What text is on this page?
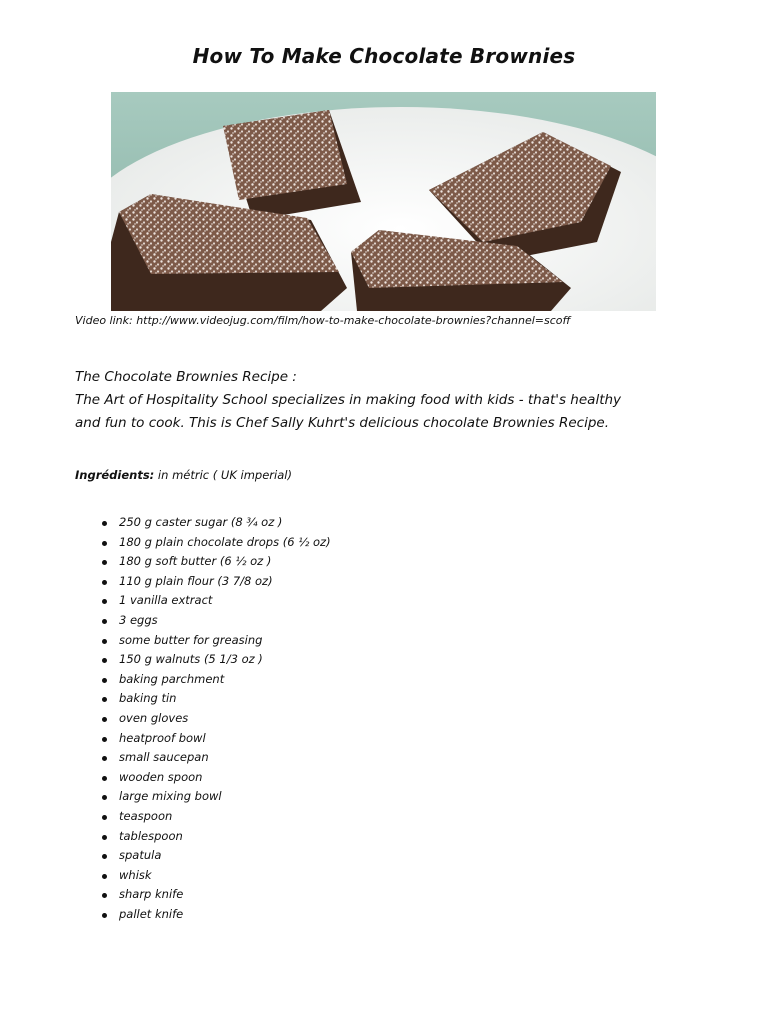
How To Make Chocolate Brownies
Video link: http://www.videojug.com/film/how-to-make-chocolate-brownies?channel=scoff

The Chocolate Brownies Recipe :

The Art of Hospitality School specializes in making food with kids - that's healthy

and fun to cook. This is Chef Sally Kuhrt's delicious chocolate Brownies Recipe.

Ingrédients: in métric ( UK imperial)
250 g caster sugar (8 ¾ oz )
180 g plain chocolate drops (6 ½ oz)
180 g soft butter (6 ½ oz )
110 g plain flour (3 7/8 oz)
1 vanilla extract
3 eggs
some butter for greasing
150 g walnuts (5 1/3 oz )
baking parchment
baking tin
oven gloves
heatproof bowl
small saucepan
wooden spoon
large mixing bowl
teaspoon
tablespoon
spatula
whisk
sharp knife
pallet knife
